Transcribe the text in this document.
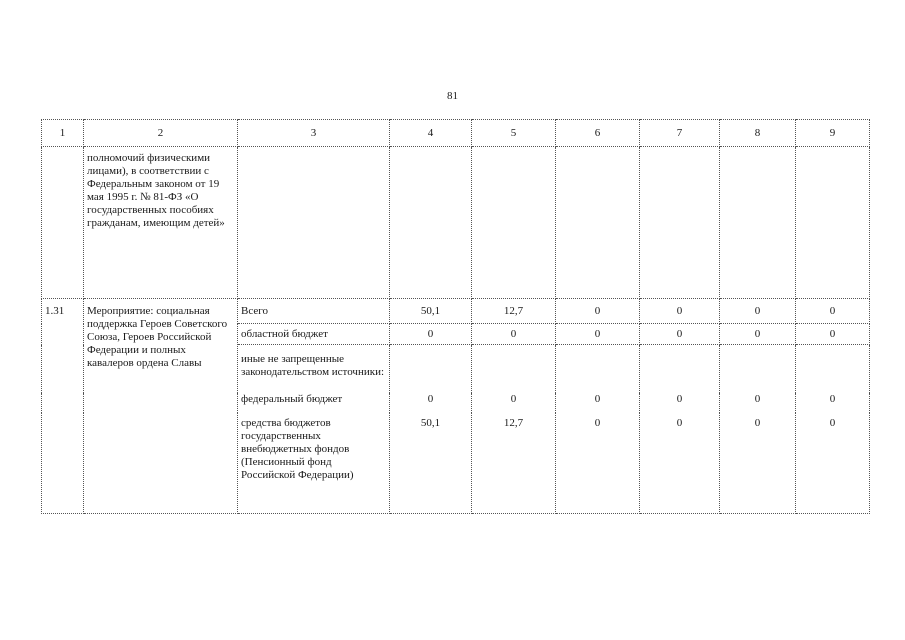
81
1	2	3	4	5	6	7	8	9
	полномочий физическими лицами), в соответствии с Федеральным законом от 19 мая 1995 г. № 81-ФЗ «О государственных пособиях гражданам, имеющим детей»							
1.31	Мероприятие: социальная поддержка Героев Советского Союза, Героев Российской Федерации и полных кавалеров ордена Славы	Всего	50,1	12,7	0	0	0	0
		областной бюджет	0	0	0	0	0	0
		иные не запрещенные законодательством источники:						
		федеральный бюджет	0	0	0	0	0	0
		средства бюджетов государственных внебюджетных фондов (Пенсионный фонд Российской Федерации)	50,1	12,7	0	0	0	0
